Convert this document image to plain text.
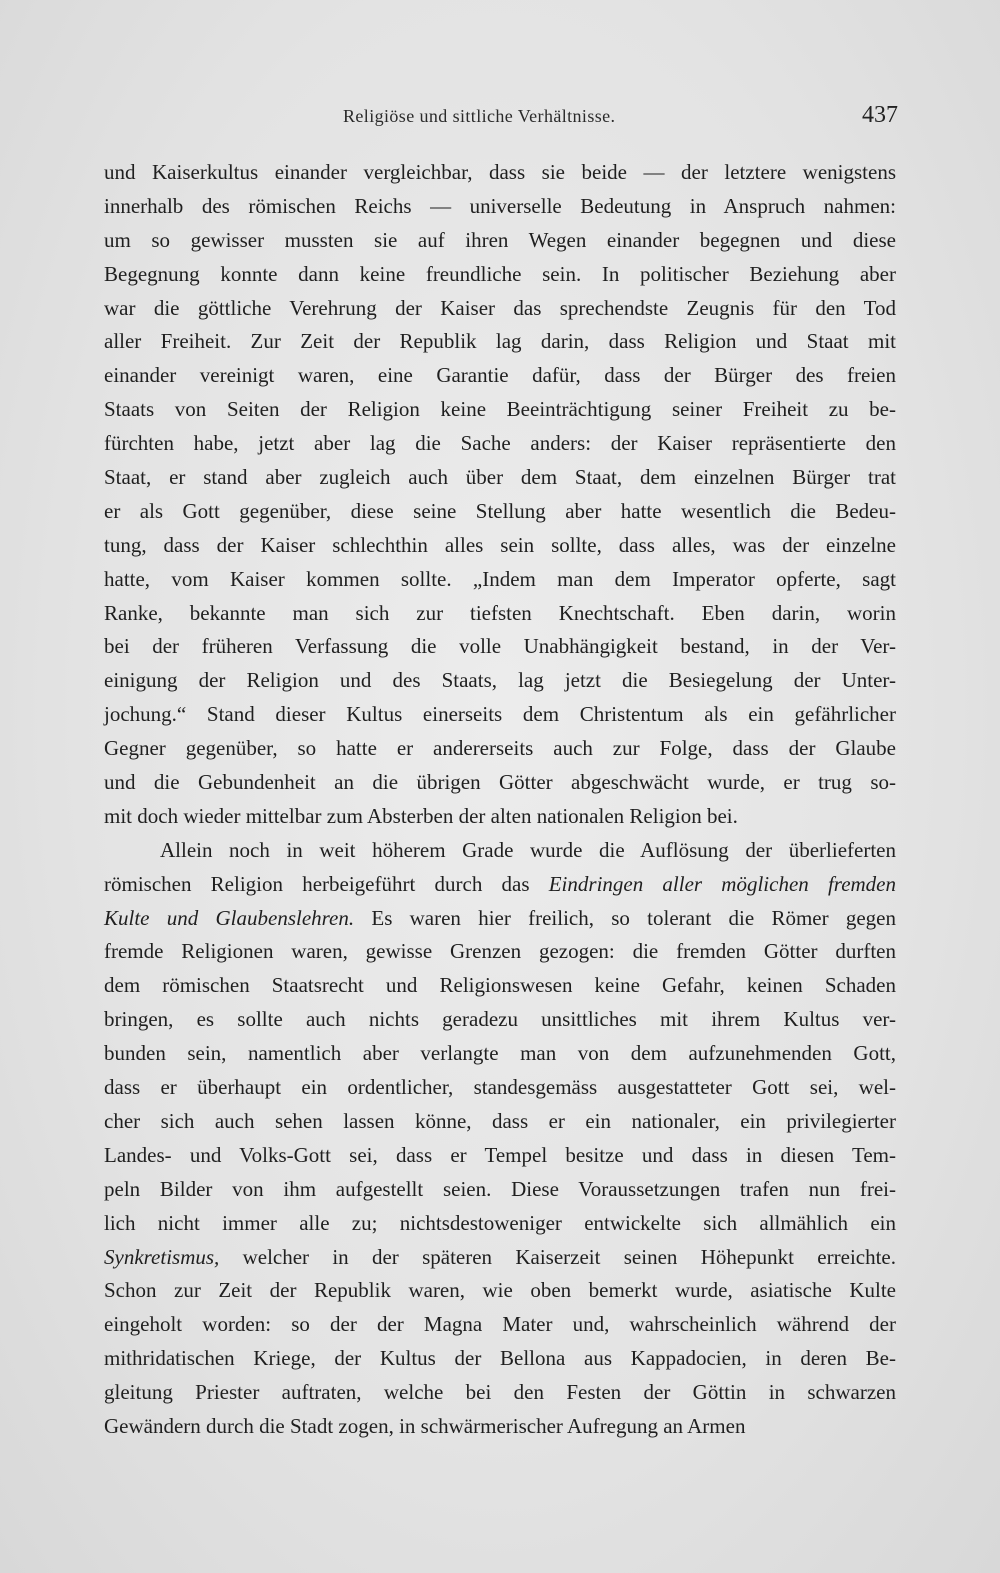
Religiöse und sittliche Verhältnisse.	437
und Kaiserkultus einander vergleichbar, dass sie beide — der letztere wenigstens
innerhalb des römischen Reichs — universelle Bedeutung in Anspruch nahmen:
um so gewisser mussten sie auf ihren Wegen einander begegnen und diese
Begegnung konnte dann keine freundliche sein. In politischer Beziehung aber
war die göttliche Verehrung der Kaiser das sprechendste Zeugnis für den Tod
aller Freiheit. Zur Zeit der Republik lag darin, dass Religion und Staat mit
einander vereinigt waren, eine Garantie dafür, dass der Bürger des freien
Staats von Seiten der Religion keine Beeinträchtigung seiner Freiheit zu be-
fürchten habe, jetzt aber lag die Sache anders: der Kaiser repräsentierte den
Staat, er stand aber zugleich auch über dem Staat, dem einzelnen Bürger trat
er als Gott gegenüber, diese seine Stellung aber hatte wesentlich die Bedeu-
tung, dass der Kaiser schlechthin alles sein sollte, dass alles, was der einzelne
hatte, vom Kaiser kommen sollte. „Indem man dem Imperator opferte, sagt
Ranke, bekannte man sich zur tiefsten Knechtschaft. Eben darin, worin
bei der früheren Verfassung die volle Unabhängigkeit bestand, in der Ver-
einigung der Religion und des Staats, lag jetzt die Besiegelung der Unter-
jochung.“ Stand dieser Kultus einerseits dem Christentum als ein gefährlicher
Gegner gegenüber, so hatte er andererseits auch zur Folge, dass der Glaube
und die Gebundenheit an die übrigen Götter abgeschwächt wurde, er trug so-
mit doch wieder mittelbar zum Absterben der alten nationalen Religion bei.
Allein noch in weit höherem Grade wurde die Auflösung der überlieferten
römischen Religion herbeigeführt durch das Eindringen aller möglichen fremden
Kulte und Glaubenslehren. Es waren hier freilich, so tolerant die Römer gegen
fremde Religionen waren, gewisse Grenzen gezogen: die fremden Götter durften
dem römischen Staatsrecht und Religionswesen keine Gefahr, keinen Schaden
bringen, es sollte auch nichts geradezu unsittliches mit ihrem Kultus ver-
bunden sein, namentlich aber verlangte man von dem aufzunehmenden Gott,
dass er überhaupt ein ordentlicher, standesgemäss ausgestatteter Gott sei, wel-
cher sich auch sehen lassen könne, dass er ein nationaler, ein privilegierter
Landes- und Volks-Gott sei, dass er Tempel besitze und dass in diesen Tem-
peln Bilder von ihm aufgestellt seien. Diese Voraussetzungen trafen nun frei-
lich nicht immer alle zu; nichtsdestoweniger entwickelte sich allmählich ein
Synkretismus, welcher in der späteren Kaiserzeit seinen Höhepunkt erreichte.
Schon zur Zeit der Republik waren, wie oben bemerkt wurde, asiatische Kulte
eingeholt worden: so der der Magna Mater und, wahrscheinlich während der
mithridatischen Kriege, der Kultus der Bellona aus Kappadocien, in deren Be-
gleitung Priester auftraten, welche bei den Festen der Göttin in schwarzen
Gewändern durch die Stadt zogen, in schwärmerischer Aufregung an Armen
